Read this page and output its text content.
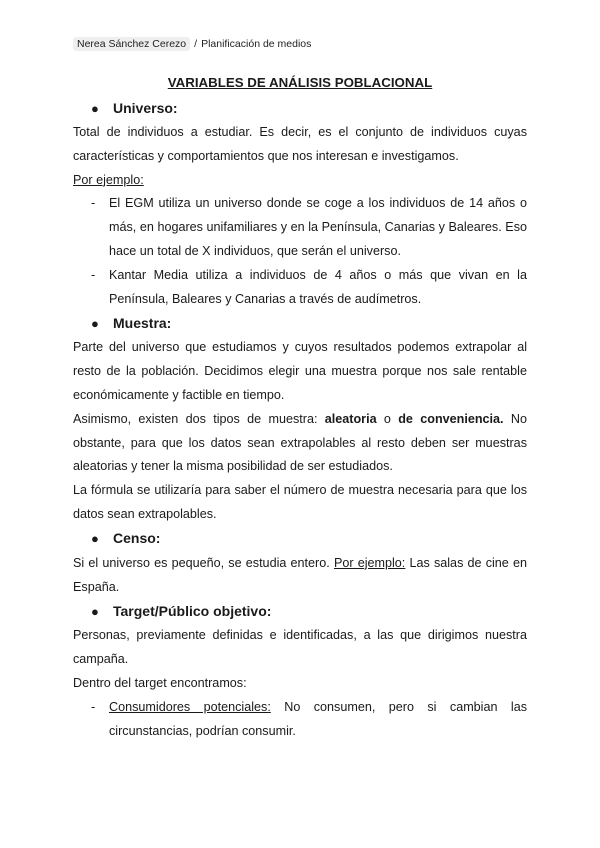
Nerea Sánchez Cerezo / Planificación de medios
VARIABLES DE ANÁLISIS POBLACIONAL
●	Universo:

Total de individuos a estudiar. Es decir, es el conjunto de individuos cuyas características y comportamientos que nos interesan e investigamos.

Por ejemplo:
- El EGM utiliza un universo donde se coge a los individuos de 14 años o más, en hogares unifamiliares y en la Península, Canarias y Baleares. Eso hace un total de X individuos, que serán el universo.
- Kantar Media utiliza a individuos de 4 años o más que vivan en la Península, Baleares y Canarias a través de audímetros.
●	Muestra:

Parte del universo que estudiamos y cuyos resultados podemos extrapolar al resto de la población. Decidimos elegir una muestra porque nos sale rentable económicamente y factible en tiempo.

Asimismo, existen dos tipos de muestra: aleatoria o de conveniencia. No obstante, para que los datos sean extrapolables al resto deben ser muestras aleatorias y tener la misma posibilidad de ser estudiados.

La fórmula se utilizaría para saber el número de muestra necesaria para que los datos sean extrapolables.

●	Censo:

Si el universo es pequeño, se estudia entero. Por ejemplo: Las salas de cine en España.

●	Target/Público objetivo:

Personas, previamente definidas e identificadas, a las que dirigimos nuestra campaña.

Dentro del target encontramos:

- Consumidores potenciales: No consumen, pero si cambian las circunstancias, podrían consumir.
